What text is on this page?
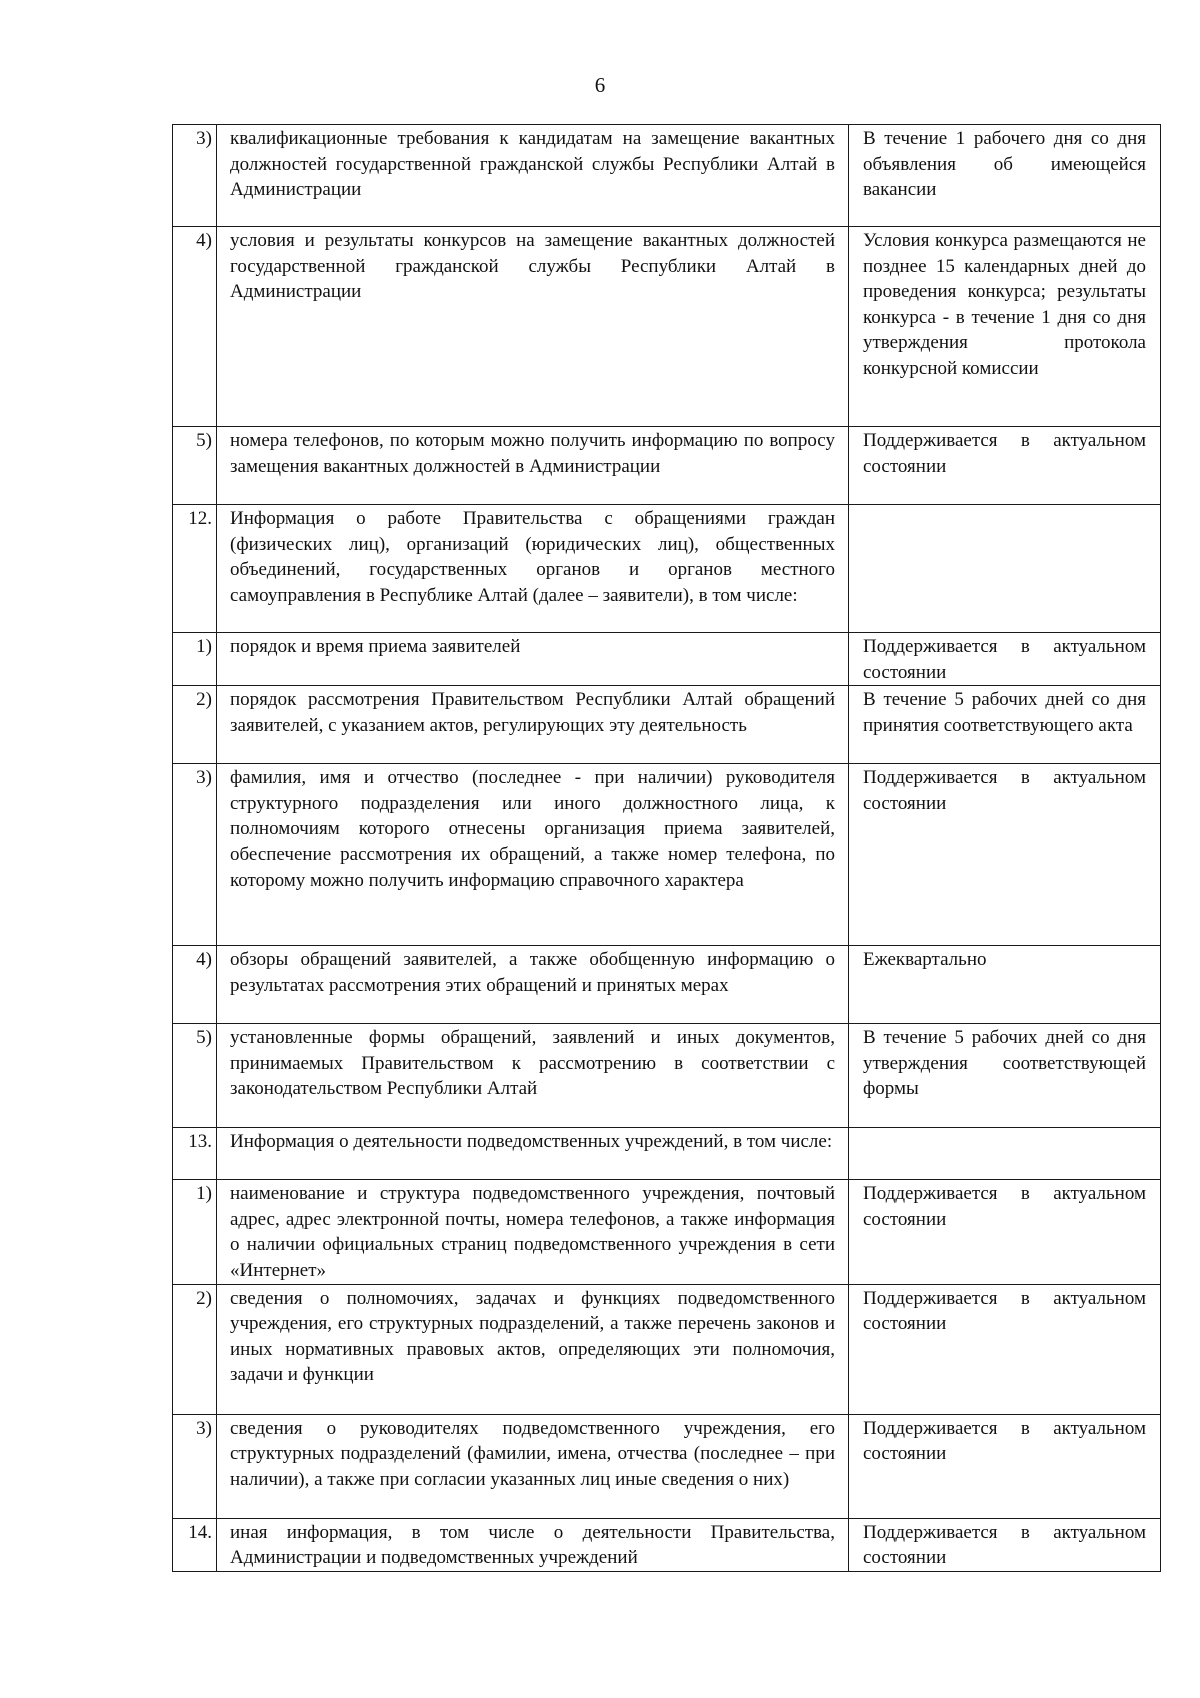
6
3)	квалификационные требования к кандидатам на замещение вакантных должностей государственной гражданской службы Республики Алтай в Администрации	В течение 1 рабочего дня со дня объявления об имеющейся вакансии
4)	условия и результаты конкурсов на замещение вакантных должностей государственной гражданской службы Республики Алтай в Администрации	Условия конкурса размещаются не позднее 15 календарных дней до проведения конкурса; результаты конкурса - в течение 1 дня со дня утверждения протокола конкурсной комиссии
5)	номера телефонов, по которым можно получить информацию по вопросу замещения вакантных должностей в Администрации	Поддерживается в актуальном состоянии
12.	Информация о работе Правительства с обращениями граждан (физических лиц), организаций (юридических лиц), общественных объединений, государственных органов и органов местного самоуправления в Республике Алтай (далее – заявители), в том числе:	
1)	порядок и время приема заявителей	Поддерживается в актуальном состоянии
2)	порядок рассмотрения Правительством Республики Алтай обращений заявителей, с указанием актов, регулирующих эту деятельность	В течение 5 рабочих дней со дня принятия соответствующего акта
3)	фамилия, имя и отчество (последнее - при наличии) руководителя структурного подразделения или иного должностного лица, к полномочиям которого отнесены организация приема заявителей, обеспечение рассмотрения их обращений, а также номер телефона, по которому можно получить информацию справочного характера	Поддерживается в актуальном состоянии
4)	обзоры обращений заявителей, а также обобщенную информацию о результатах рассмотрения этих обращений и принятых мерах	Ежеквартально
5)	установленные формы обращений, заявлений и иных документов, принимаемых Правительством к рассмотрению в соответствии с законодательством Республики Алтай	В течение 5 рабочих дней со дня утверждения соответствующей формы
13.	Информация о деятельности подведомственных учреждений, в том числе:	
1)	наименование и структура подведомственного учреждения, почтовый адрес, адрес электронной почты, номера телефонов, а также информация о наличии официальных страниц подведомственного учреждения в сети «Интернет»	Поддерживается в актуальном состоянии
2)	сведения о полномочиях, задачах и функциях подведомственного учреждения, его структурных подразделений, а также перечень законов и иных нормативных правовых актов, определяющих эти полномочия, задачи и функции	Поддерживается в актуальном состоянии
3)	сведения о руководителях подведомственного учреждения, его структурных подразделений (фамилии, имена, отчества (последнее – при наличии), а также при согласии указанных лиц иные сведения о них)	Поддерживается в актуальном состоянии
14.	иная информация, в том числе о деятельности Правительства, Администрации и подведомственных учреждений	Поддерживается в актуальном состоянии
